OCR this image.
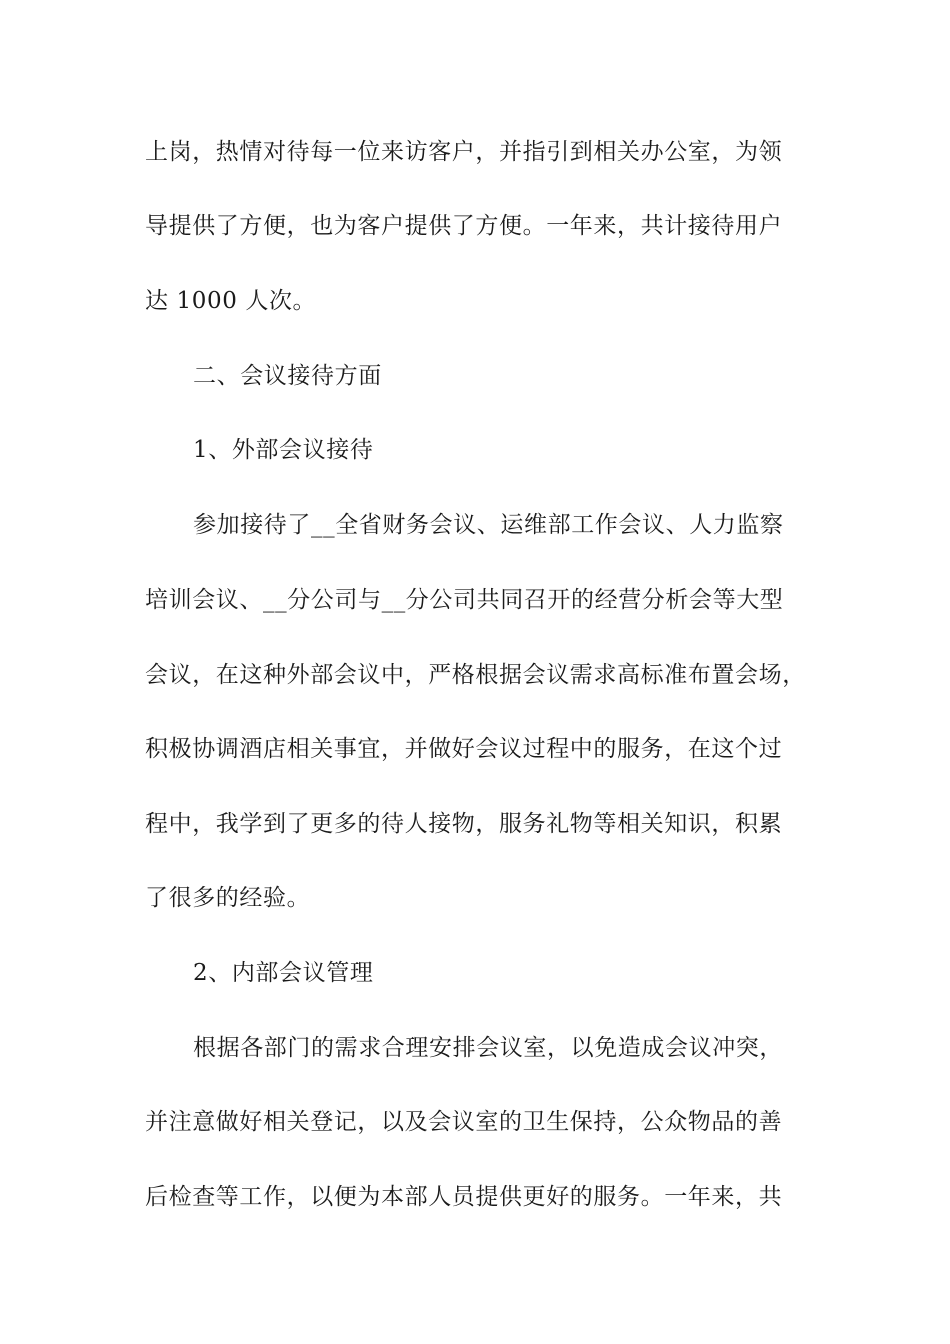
上岗，热情对待每一位来访客户，并指引到相关办公室，为领
导提供了方便，也为客户提供了方便。一年来，共计接待用户
达 1000 人次。
二、会议接待方面
1、外部会议接待
参加接待了__全省财务会议、运维部工作会议、人力监察
培训会议、__分公司与__分公司共同召开的经营分析会等大型
会议，在这种外部会议中，严格根据会议需求高标准布置会场，
积极协调酒店相关事宜，并做好会议过程中的服务，在这个过
程中，我学到了更多的待人接物，服务礼物等相关知识，积累
了很多的经验。
2、内部会议管理
根据各部门的需求合理安排会议室，以免造成会议冲突，
并注意做好相关登记，以及会议室的卫生保持，公众物品的善
后检查等工作，以便为本部人员提供更好的服务。一年来，共
